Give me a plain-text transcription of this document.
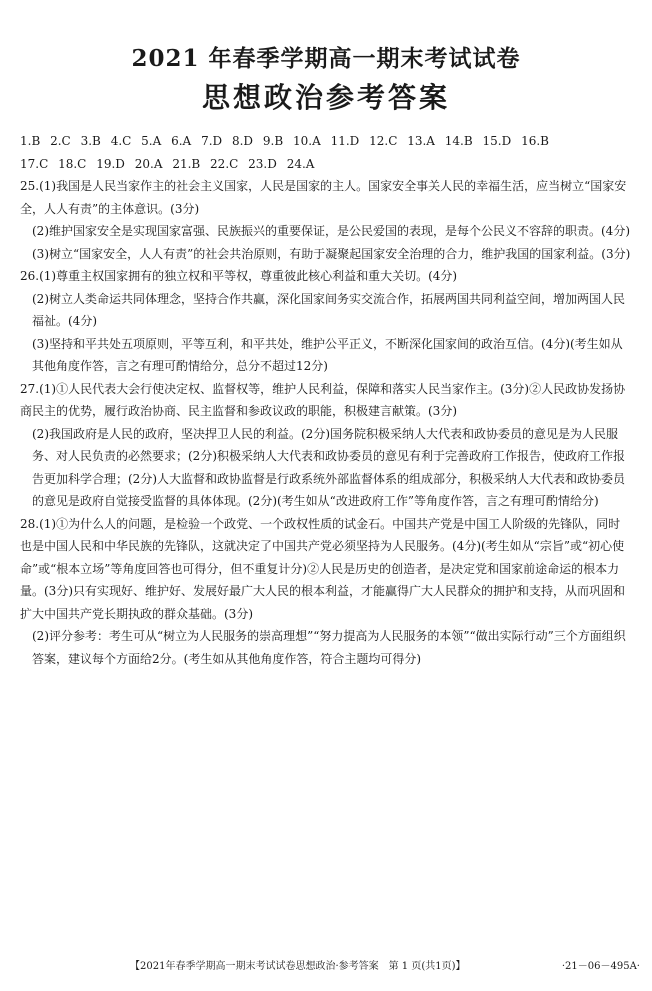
2021 年春季学期高一期末考试试卷
思想政治参考答案

1.B 2.C 3.B 4.C 5.A 6.A 7.D 8.D 9.B 10.A 11.D 12.C 13.A 14.B 15.D 16.B

17.C 18.C 19.D 20.A 21.B 22.C 23.D 24.A

25.(1)我国是人民当家作主的社会主义国家，人民是国家的主人。国家安全事关人民的幸福生活，应当树立“国家安全，人人有责”的主体意识。(3分)

(2)维护国家安全是实现国家富强、民族振兴的重要保证，是公民爱国的表现，是每个公民义不容辞的职责。(4分)

(3)树立“国家安全，人人有责”的社会共治原则，有助于凝聚起国家安全治理的合力，维护我国的国家利益。(3分)

26.(1)尊重主权国家拥有的独立权和平等权，尊重彼此核心利益和重大关切。(4分)

(2)树立人类命运共同体理念，坚持合作共赢，深化国家间务实交流合作，拓展两国共同利益空间，增加两国人民福祉。(4分)

(3)坚持和平共处五项原则，平等互利，和平共处，维护公平正义，不断深化国家间的政治互信。(4分)(考生如从其他角度作答，言之有理可酌情给分，总分不超过12分)

27.(1)①人民代表大会行使决定权、监督权等，维护人民利益，保障和落实人民当家作主。(3分)②人民政协发扬协商民主的优势，履行政治协商、民主监督和参政议政的职能，积极建言献策。(3分)

(2)我国政府是人民的政府，坚决捍卫人民的利益。(2分)国务院积极采纳人大代表和政协委员的意见是为人民服务、对人民负责的必然要求；(2分)积极采纳人大代表和政协委员的意见有利于完善政府工作报告，使政府工作报告更加科学合理；(2分)人大监督和政协监督是行政系统外部监督体系的组成部分，积极采纳人大代表和政协委员的意见是政府自觉接受监督的具体体现。(2分)(考生如从“改进政府工作”等角度作答，言之有理可酌情给分)

28.(1)①为什么人的问题，是检验一个政党、一个政权性质的试金石。中国共产党是中国工人阶级的先锋队，同时也是中国人民和中华民族的先锋队，这就决定了中国共产党必须坚持为人民服务。(4分)(考生如从“宗旨”或“初心使命”或“根本立场”等角度回答也可得分，但不重复计分)②人民是历史的创造者，是决定党和国家前途命运的根本力量。(3分)只有实现好、维护好、发展好最广大人民的根本利益，才能赢得广大人民群众的拥护和支持，从而巩固和扩大中国共产党长期执政的群众基础。(3分)

(2)评分参考：考生可从“树立为人民服务的崇高理想”“努力提高为人民服务的本领”“做出实际行动”三个方面组织答案，建议每个方面给2分。(考生如从其他角度作答，符合主题均可得分)

【2021年春季学期高一期末考试试卷思想政治·参考答案　第 1 页(共1页)】	·21－06－495A·
